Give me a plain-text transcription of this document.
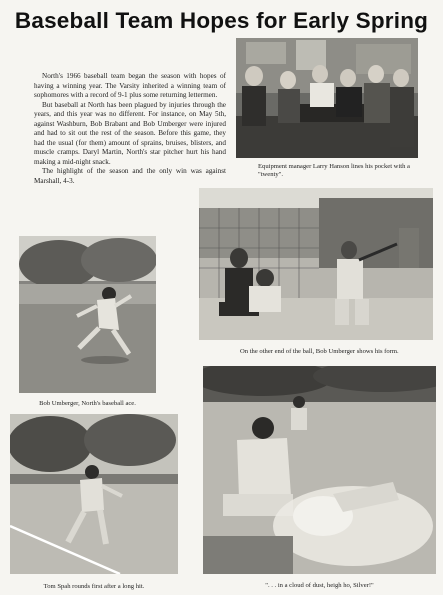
Baseball Team Hopes for Early Spring

North's 1966 baseball team began the season with hopes of having a winning year. The Varsity inherited a winning team of sophomores with a record of 9-1 plus some returning lettermen.

But baseball at North has been plagued by injuries through the years, and this year was no different. For instance, on May 5th, against Washburn, Bob Brabant and Bob Umberger were injured and had to sit out the rest of the season. Before this game, they had the usual (for them) amount of sprains, bruises, blisters, and muscle cramps. Daryl Martin, North's star pitcher hurt his hand making a mid-night snack.

The highlight of the season and the only win was against Marshall, 4-3.

Equipment manager Larry Hanson lines his pocket with a "twenty".
On the other end of the ball, Bob Umberger shows his form.
Bob Umberger, North's baseball ace.
Tom Spah rounds first after a long hit.	". . . in a cloud of dust, heigh ho, Silver!"
